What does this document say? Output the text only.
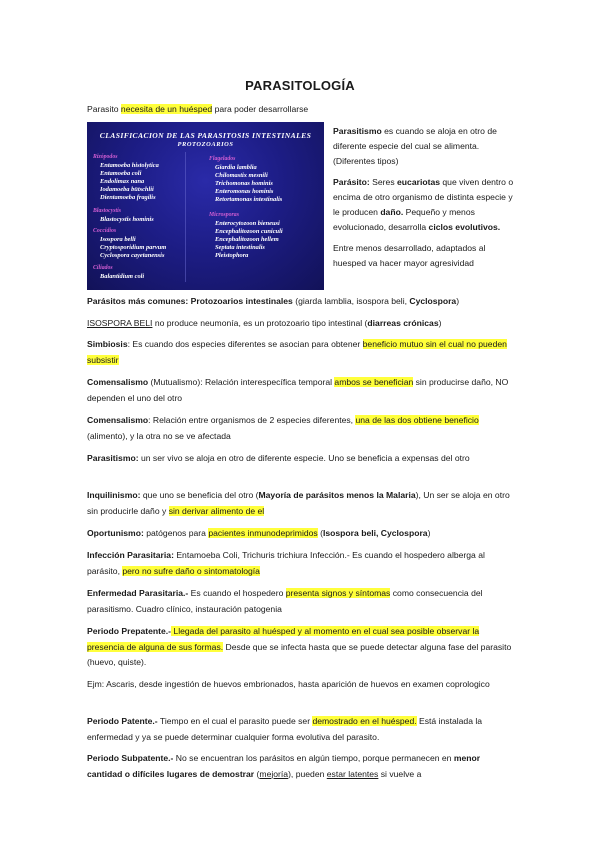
PARASITOLOGÍA
Parasito necesita de un huésped para poder desarrollarse
CLASIFICACION DE LAS PARASITOSIS INTESTINALES
PROTOZOARIOS
Rizópodos
Entamoeba histolytica
Entamoeba coli
Endolimax nana
Iodamoeba bütschlii
Dientamoeba fragilis
Blastocystis
Blastocystis hominis
Coccidios
Isospora belli
Cryptosporidium parvum
Cyclospora cayetanensis
Ciliados
Balantidium coli
Flagelados
Giardia lamblia
Chilomastix mesnili
Trichomonas hominis
Enteromonas hominis
Retortamonas intestinalis
Microsporas
Enterocytozoon bieneusi
Encephalitozoon cuniculi
Encephalitozoon hellem
Septata intestinalis
Pleistophora

Parasitismo es cuando se aloja en otro de diferente especie del cual se alimenta. (Diferentes tipos)

Parásito: Seres eucariotas que viven dentro o encima de otro organismo de distinta especie y le producen daño. Pequeño y menos evolucionado, desarrolla ciclos evolutivos.

Entre menos desarrollado, adaptados al huesped va hacer mayor agresividad

Parásitos más comunes: Protozoarios intestinales (giarda lamblia, isospora beli, Cyclospora)
ISOSPORA BELI no produce neumonía, es un protozoario tipo intestinal (diarreas crónicas)
Simbiosis: Es cuando dos especies diferentes se asocian para obtener beneficio mutuo sin el cual no pueden subsistir
Comensalismo (Mutualismo): Relación interespecífica temporal ambos se benefician sin producirse daño, NO dependen el uno del otro
Comensalismo: Relación entre organismos de 2 especies diferentes, una de las dos obtiene beneficio (alimento), y la otra no se ve afectada
Parasitismo: un ser vivo se aloja en otro de diferente especie. Uno se beneficia a expensas del otro
Inquilinismo: que uno se beneficia del otro (Mayoría de parásitos menos la Malaria), Un ser se aloja en otro sin producirle daño y sin derivar alimento de el
Oportunismo: patógenos para pacientes inmunodeprimidos (Isospora beli, Cyclospora)
Infección Parasitaria: Entamoeba Coli, Trichuris trichiura Infección.- Es cuando el hospedero alberga al parásito, pero no sufre daño o sintomatología
Enfermedad Parasitaria.- Es cuando el hospedero presenta signos y síntomas como consecuencia del parasitismo. Cuadro clínico, instauración patogenia
Periodo Prepatente.- Llegada del parasito al huésped y al momento en el cual sea posible observar la presencia de alguna de sus formas. Desde que se infecta hasta que se puede detectar alguna fase del parasito (huevo, quiste).
Ejm: Ascaris, desde ingestión de huevos embrionados, hasta aparición de huevos en examen coprologico
Periodo Patente.- Tiempo en el cual el parasito puede ser demostrado en el huésped. Está instalada la enfermedad y ya se puede determinar cualquier forma evolutiva del parasito.
Periodo Subpatente.- No se encuentran los parásitos en algún tiempo, porque permanecen en menor cantidad o difíciles lugares de demostrar (mejoría), pueden estar latentes si vuelve a
